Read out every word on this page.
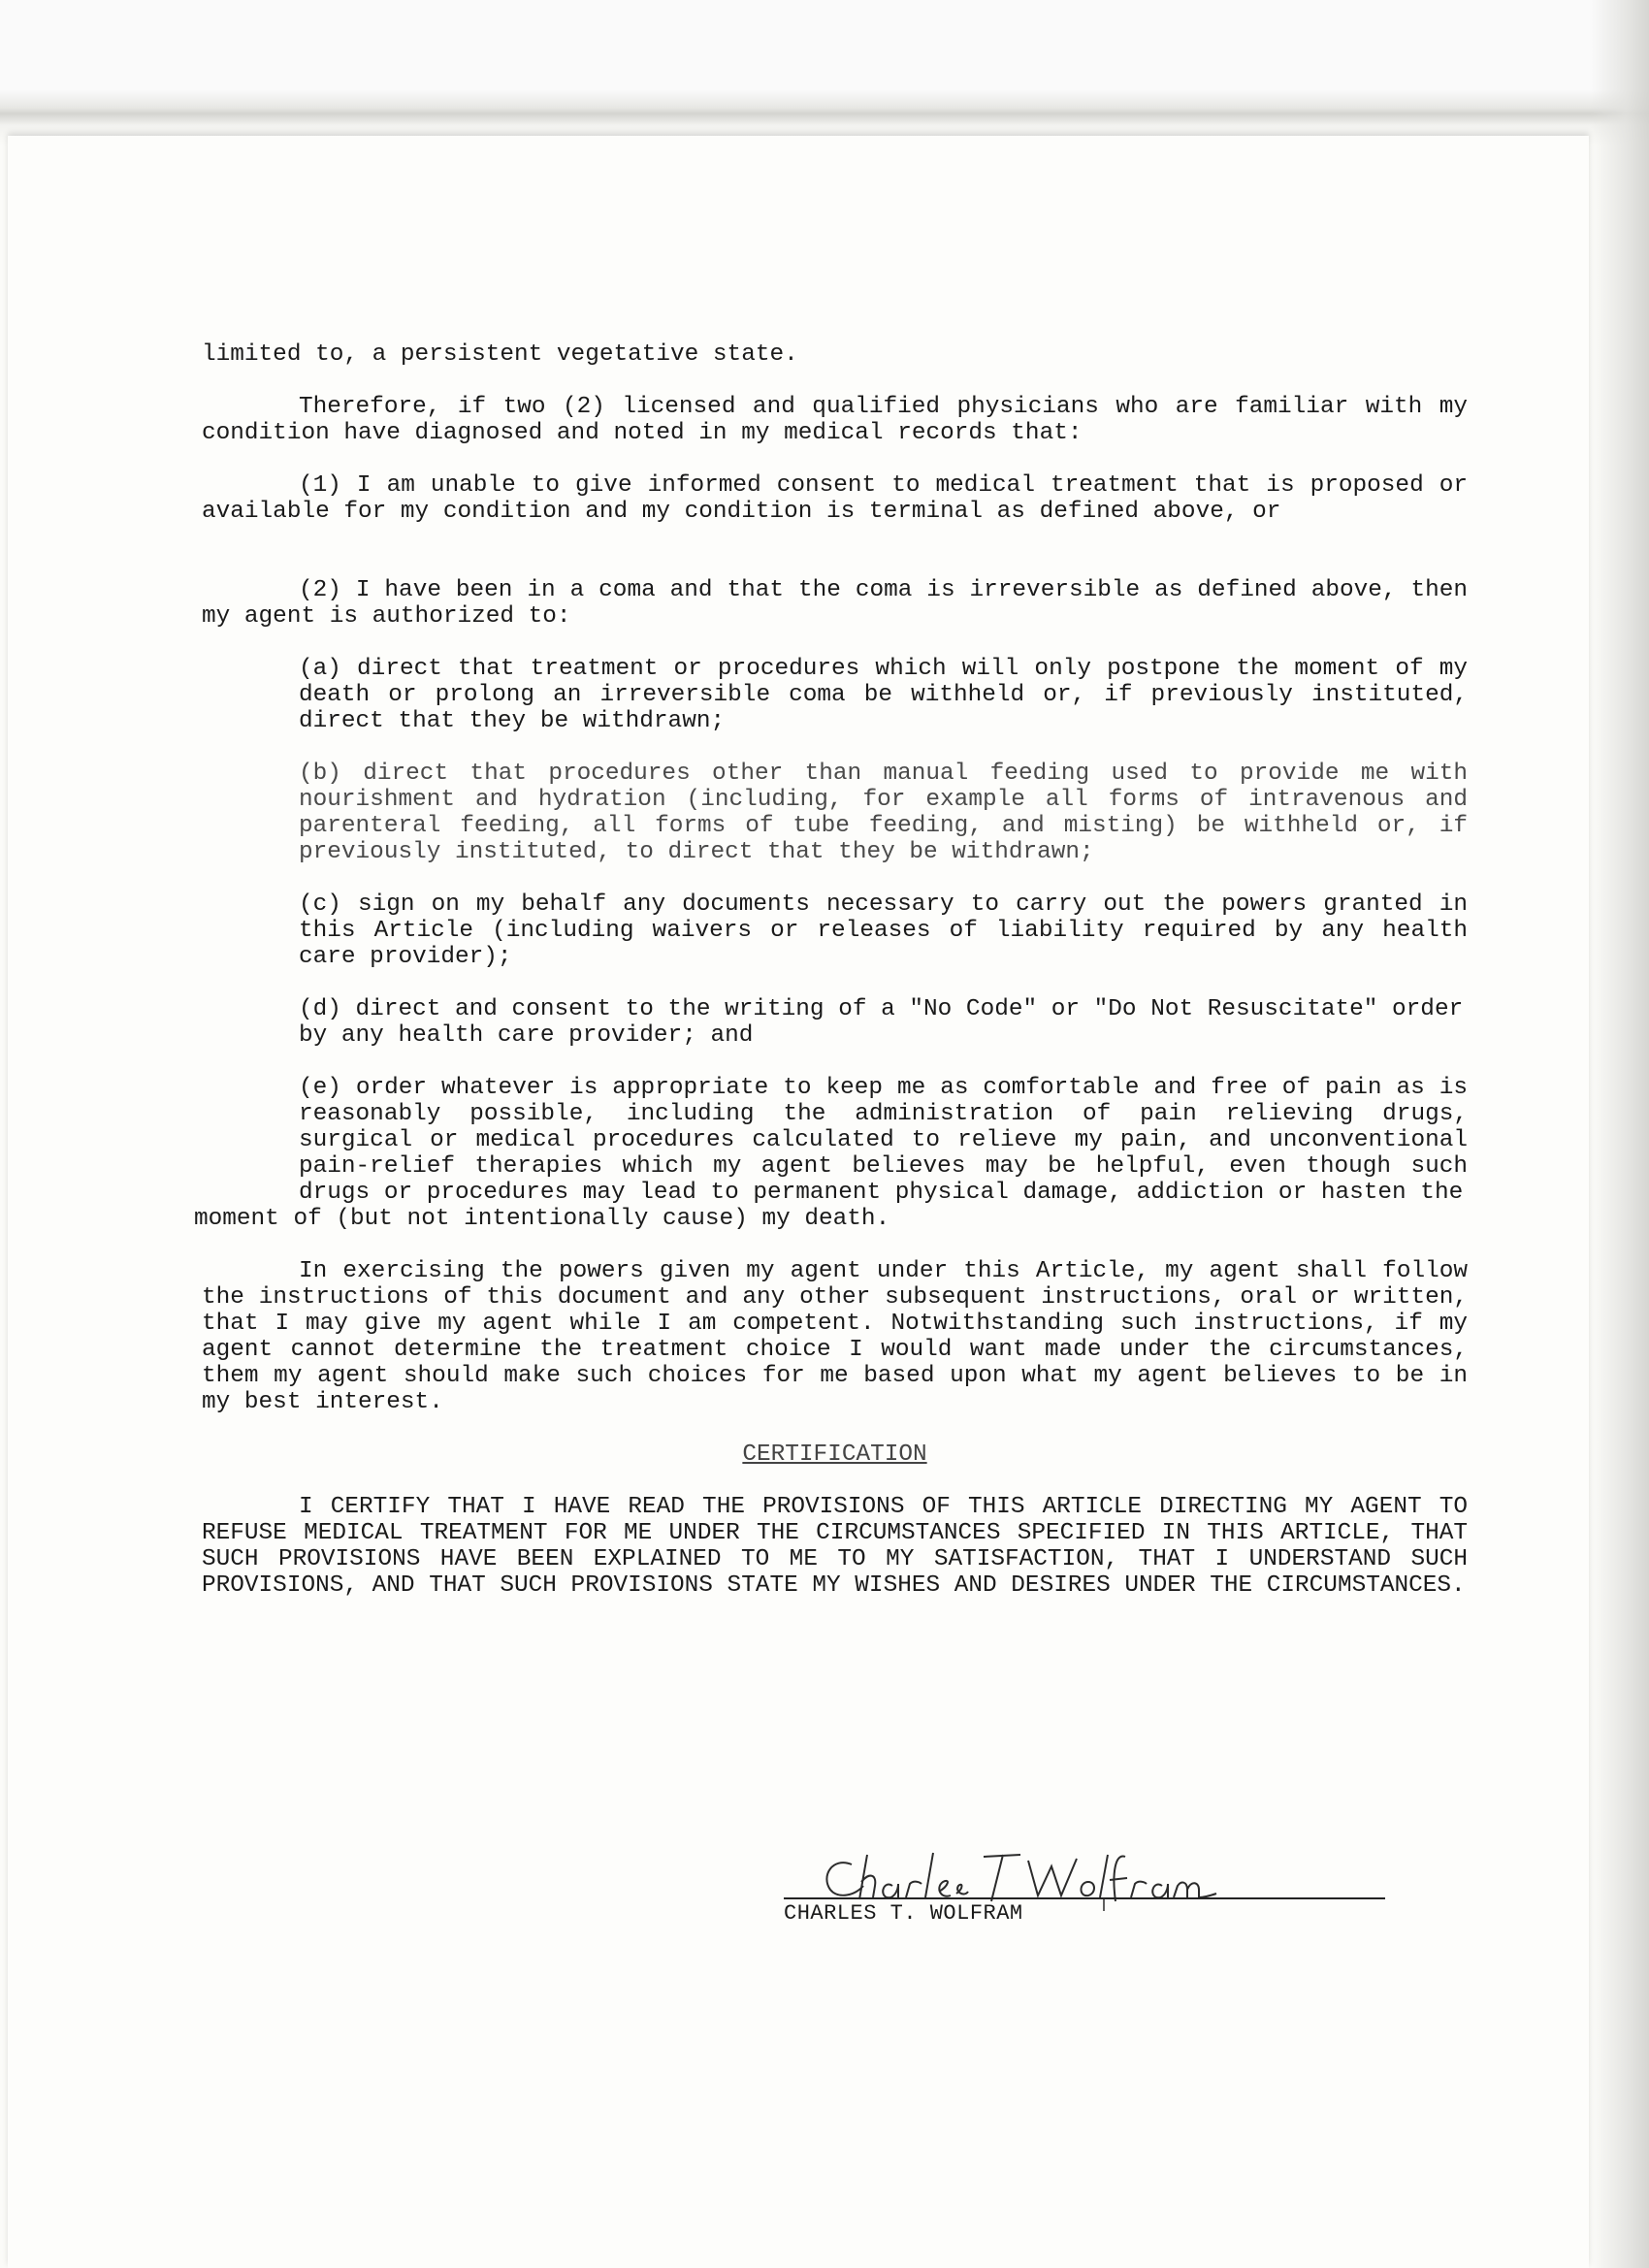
limited to, a persistent vegetative state.

Therefore, if two (2) licensed and qualified physicians who are familiar with my condition have diagnosed and noted in my medical records that:

(1) I am unable to give informed consent to medical treatment that is proposed or available for my condition and my condition is terminal as defined above, or

(2) I have been in a coma and that the coma is irreversible as defined above, then my agent is authorized to:

(a) direct that treatment or procedures which will only postpone the moment of my death or prolong an irreversible coma be withheld or, if previously instituted, direct that they be withdrawn;

(b) direct that procedures other than manual feeding used to provide me with nourishment and hydration (including, for example all forms of intravenous and parenteral feeding, all forms of tube feeding, and misting) be withheld or, if previously instituted, to direct that they be withdrawn;

(c) sign on my behalf any documents necessary to carry out the powers granted in this Article (including waivers or releases of liability required by any health care provider);

(d) direct and consent to the writing of a "No Code" or "Do Not Resuscitate" order by any health care provider; and

(e) order whatever is appropriate to keep me as comfortable and free of pain as is reasonably possible, including the administration of pain relieving drugs, surgical or medical procedures calculated to relieve my pain, and unconventional pain-relief therapies which my agent believes may be helpful, even though such drugs or procedures may lead to permanent physical damage, addiction or hasten the

moment of (but not intentionally cause) my death.

In exercising the powers given my agent under this Article, my agent shall follow the instructions of this document and any other subsequent instructions, oral or written, that I may give my agent while I am competent. Notwithstanding such instructions, if my agent cannot determine the treatment choice I would want made under the circumstances, them my agent should make such choices for me based upon what my agent believes to be in my best interest.

CERTIFICATION

I CERTIFY THAT I HAVE READ THE PROVISIONS OF THIS ARTICLE DIRECTING MY AGENT TO REFUSE MEDICAL TREATMENT FOR ME UNDER THE CIRCUMSTANCES SPECIFIED IN THIS ARTICLE, THAT SUCH PROVISIONS HAVE BEEN EXPLAINED TO ME TO MY SATISFACTION, THAT I UNDERSTAND SUCH PROVISIONS, AND THAT SUCH PROVISIONS STATE MY WISHES AND DESIRES UNDER THE CIRCUMSTANCES.

CHARLES T. WOLFRAM
